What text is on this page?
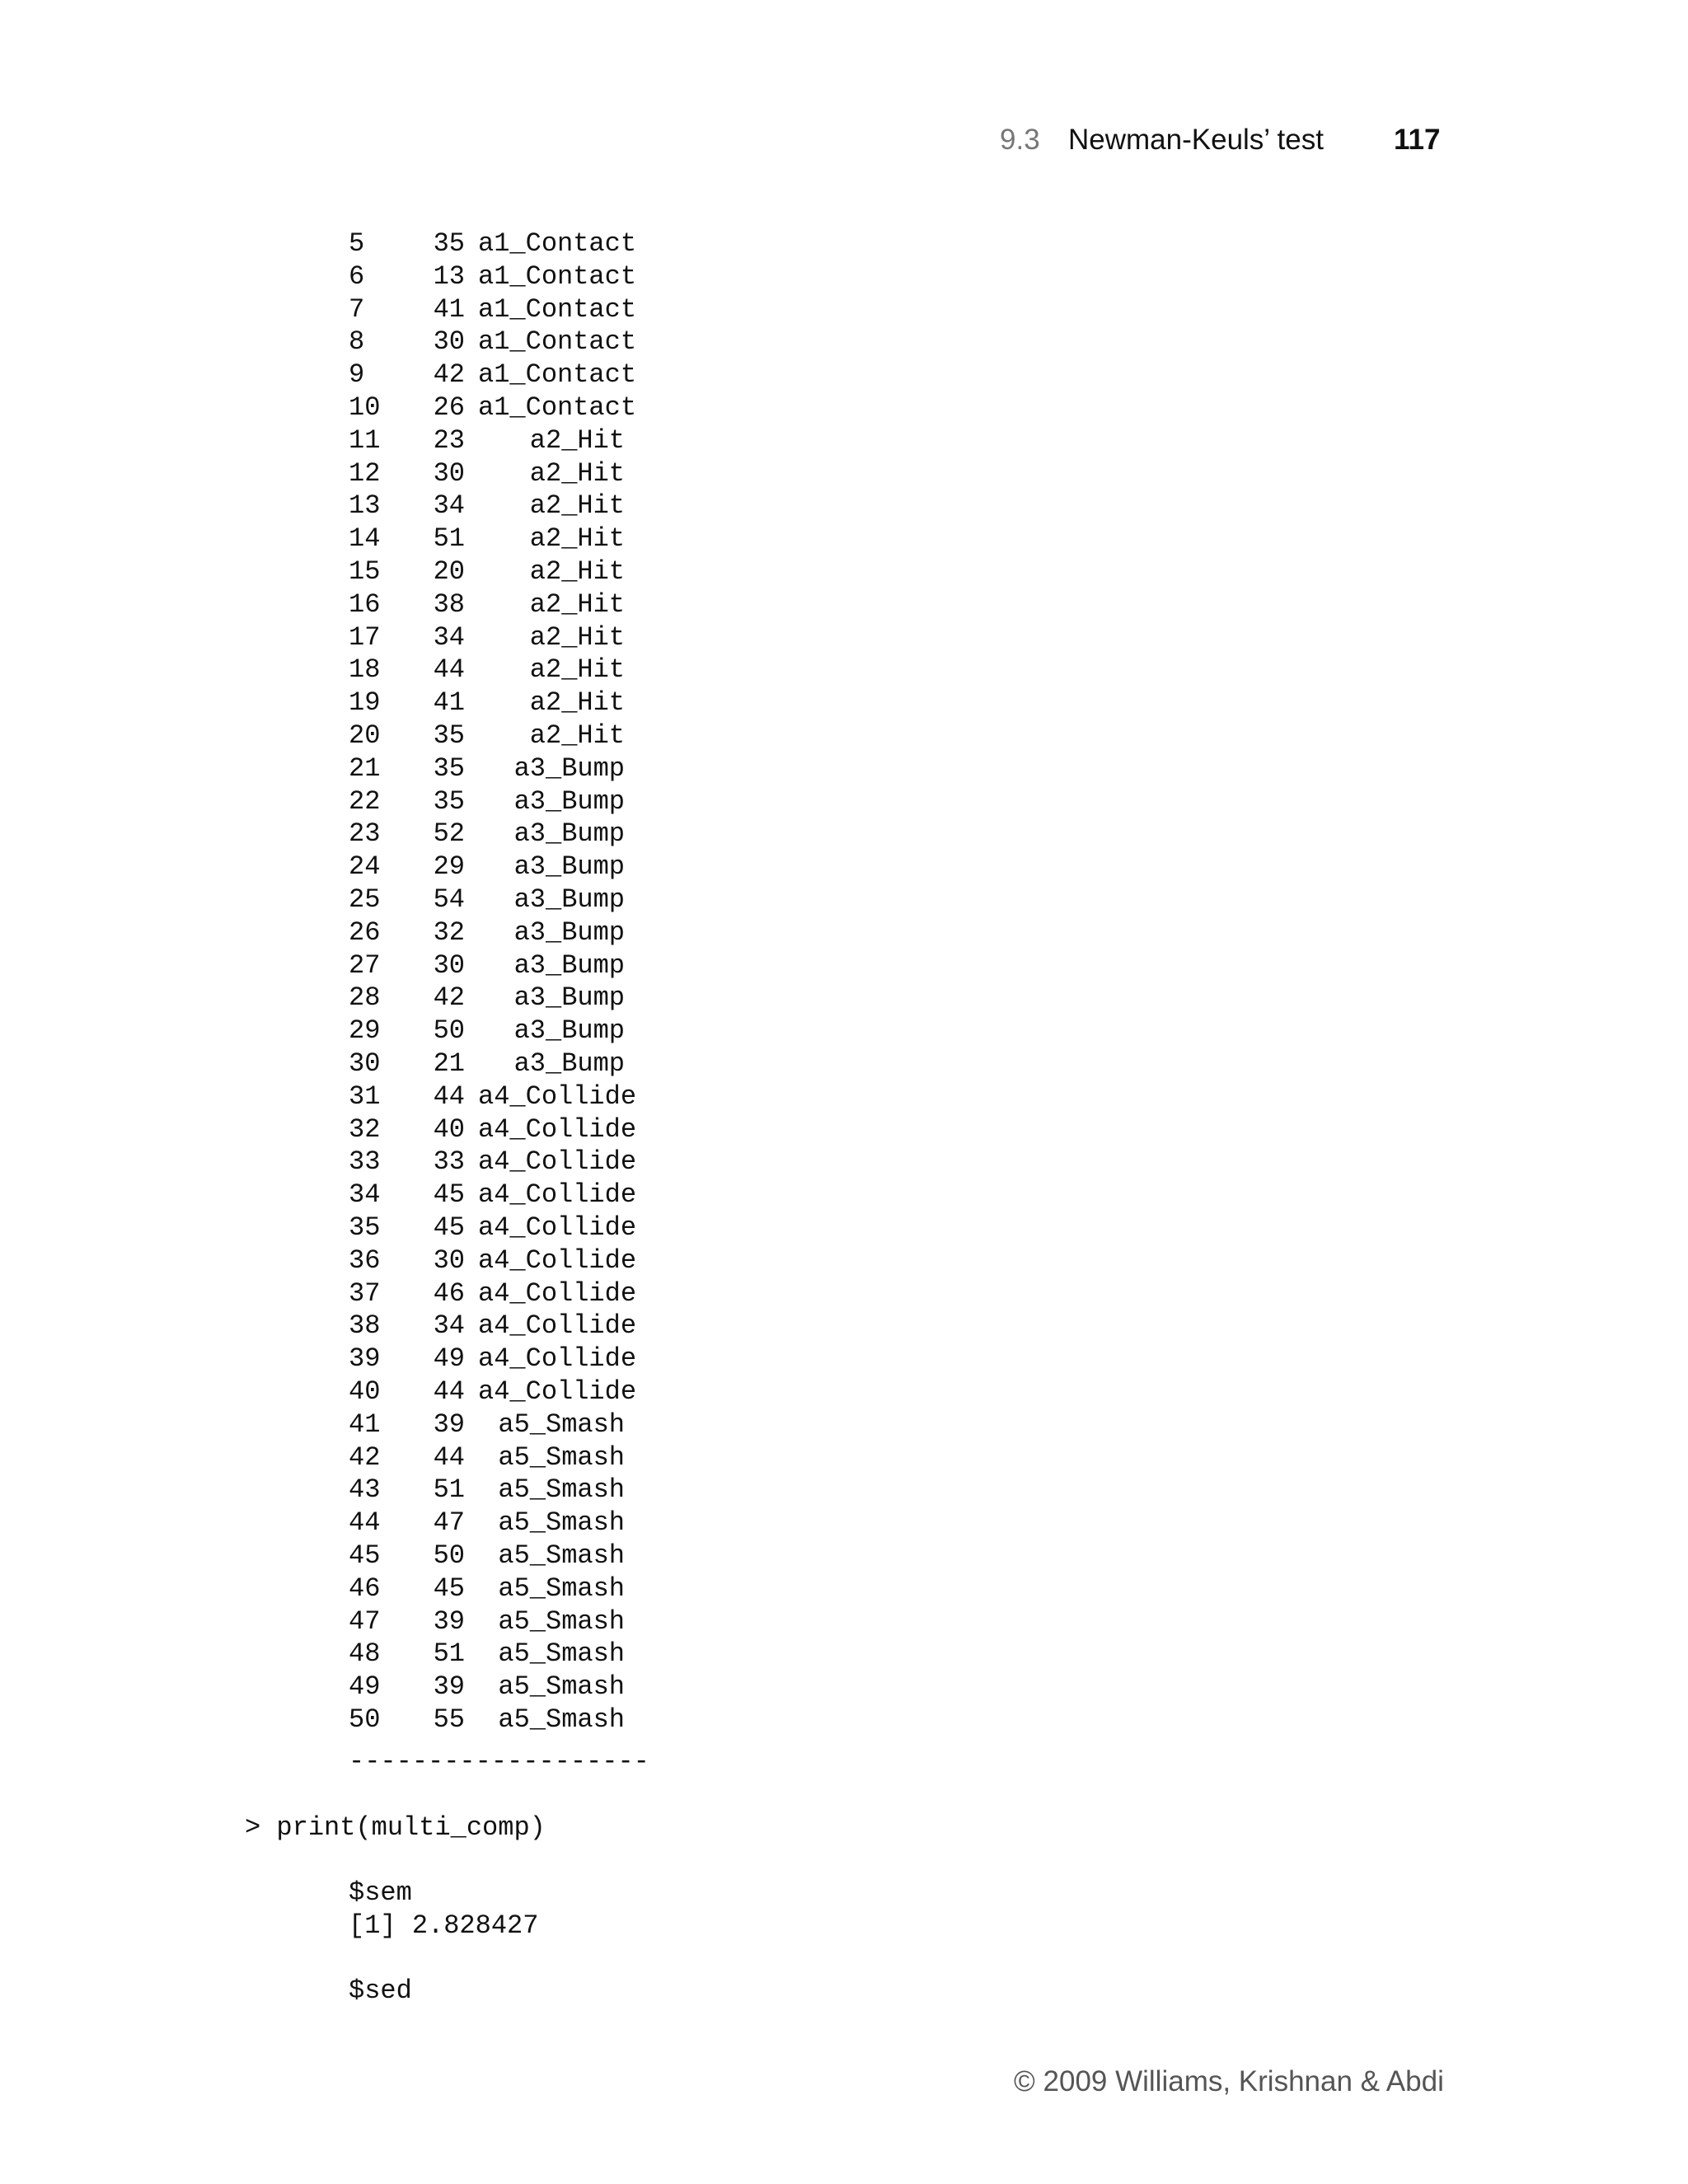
9.3 Newman-Keuls’ test 117
5	35 a1_Contact
6	13 a1_Contact
7	41 a1_Contact
8	30 a1_Contact
9	42 a1_Contact
10 26 a1_Contact
11 23	a2_Hit
12 30	a2_Hit
13 34	a2_Hit
14 51	a2_Hit
15 20	a2_Hit
16 38	a2_Hit
17 34	a2_Hit
18 44	a2_Hit
19 41	a2_Hit
20 35	a2_Hit
21 35	a3_Bump
22 35	a3_Bump
23 52	a3_Bump
24 29	a3_Bump
25 54	a3_Bump
26 32	a3_Bump
27 30	a3_Bump
28 42	a3_Bump
29 50	a3_Bump
30 21	a3_Bump
31 44 a4_Collide
32 40 a4_Collide
33 33 a4_Collide
34 45 a4_Collide
35 45 a4_Collide
36 30 a4_Collide
37 46 a4_Collide
38 34 a4_Collide
39 49 a4_Collide
40 44 a4_Collide
41 39	a5_Smash
42 44	a5_Smash
43 51	a5_Smash
44 47	a5_Smash
45 50	a5_Smash
46 45	a5_Smash
47 39	a5_Smash
48 51	a5_Smash
49 39	a5_Smash
50 55	a5_Smash
-------------------
> print(multi_comp)
$sem
[1] 2.828427
$sed
© 2009 Williams, Krishnan & Abdi
